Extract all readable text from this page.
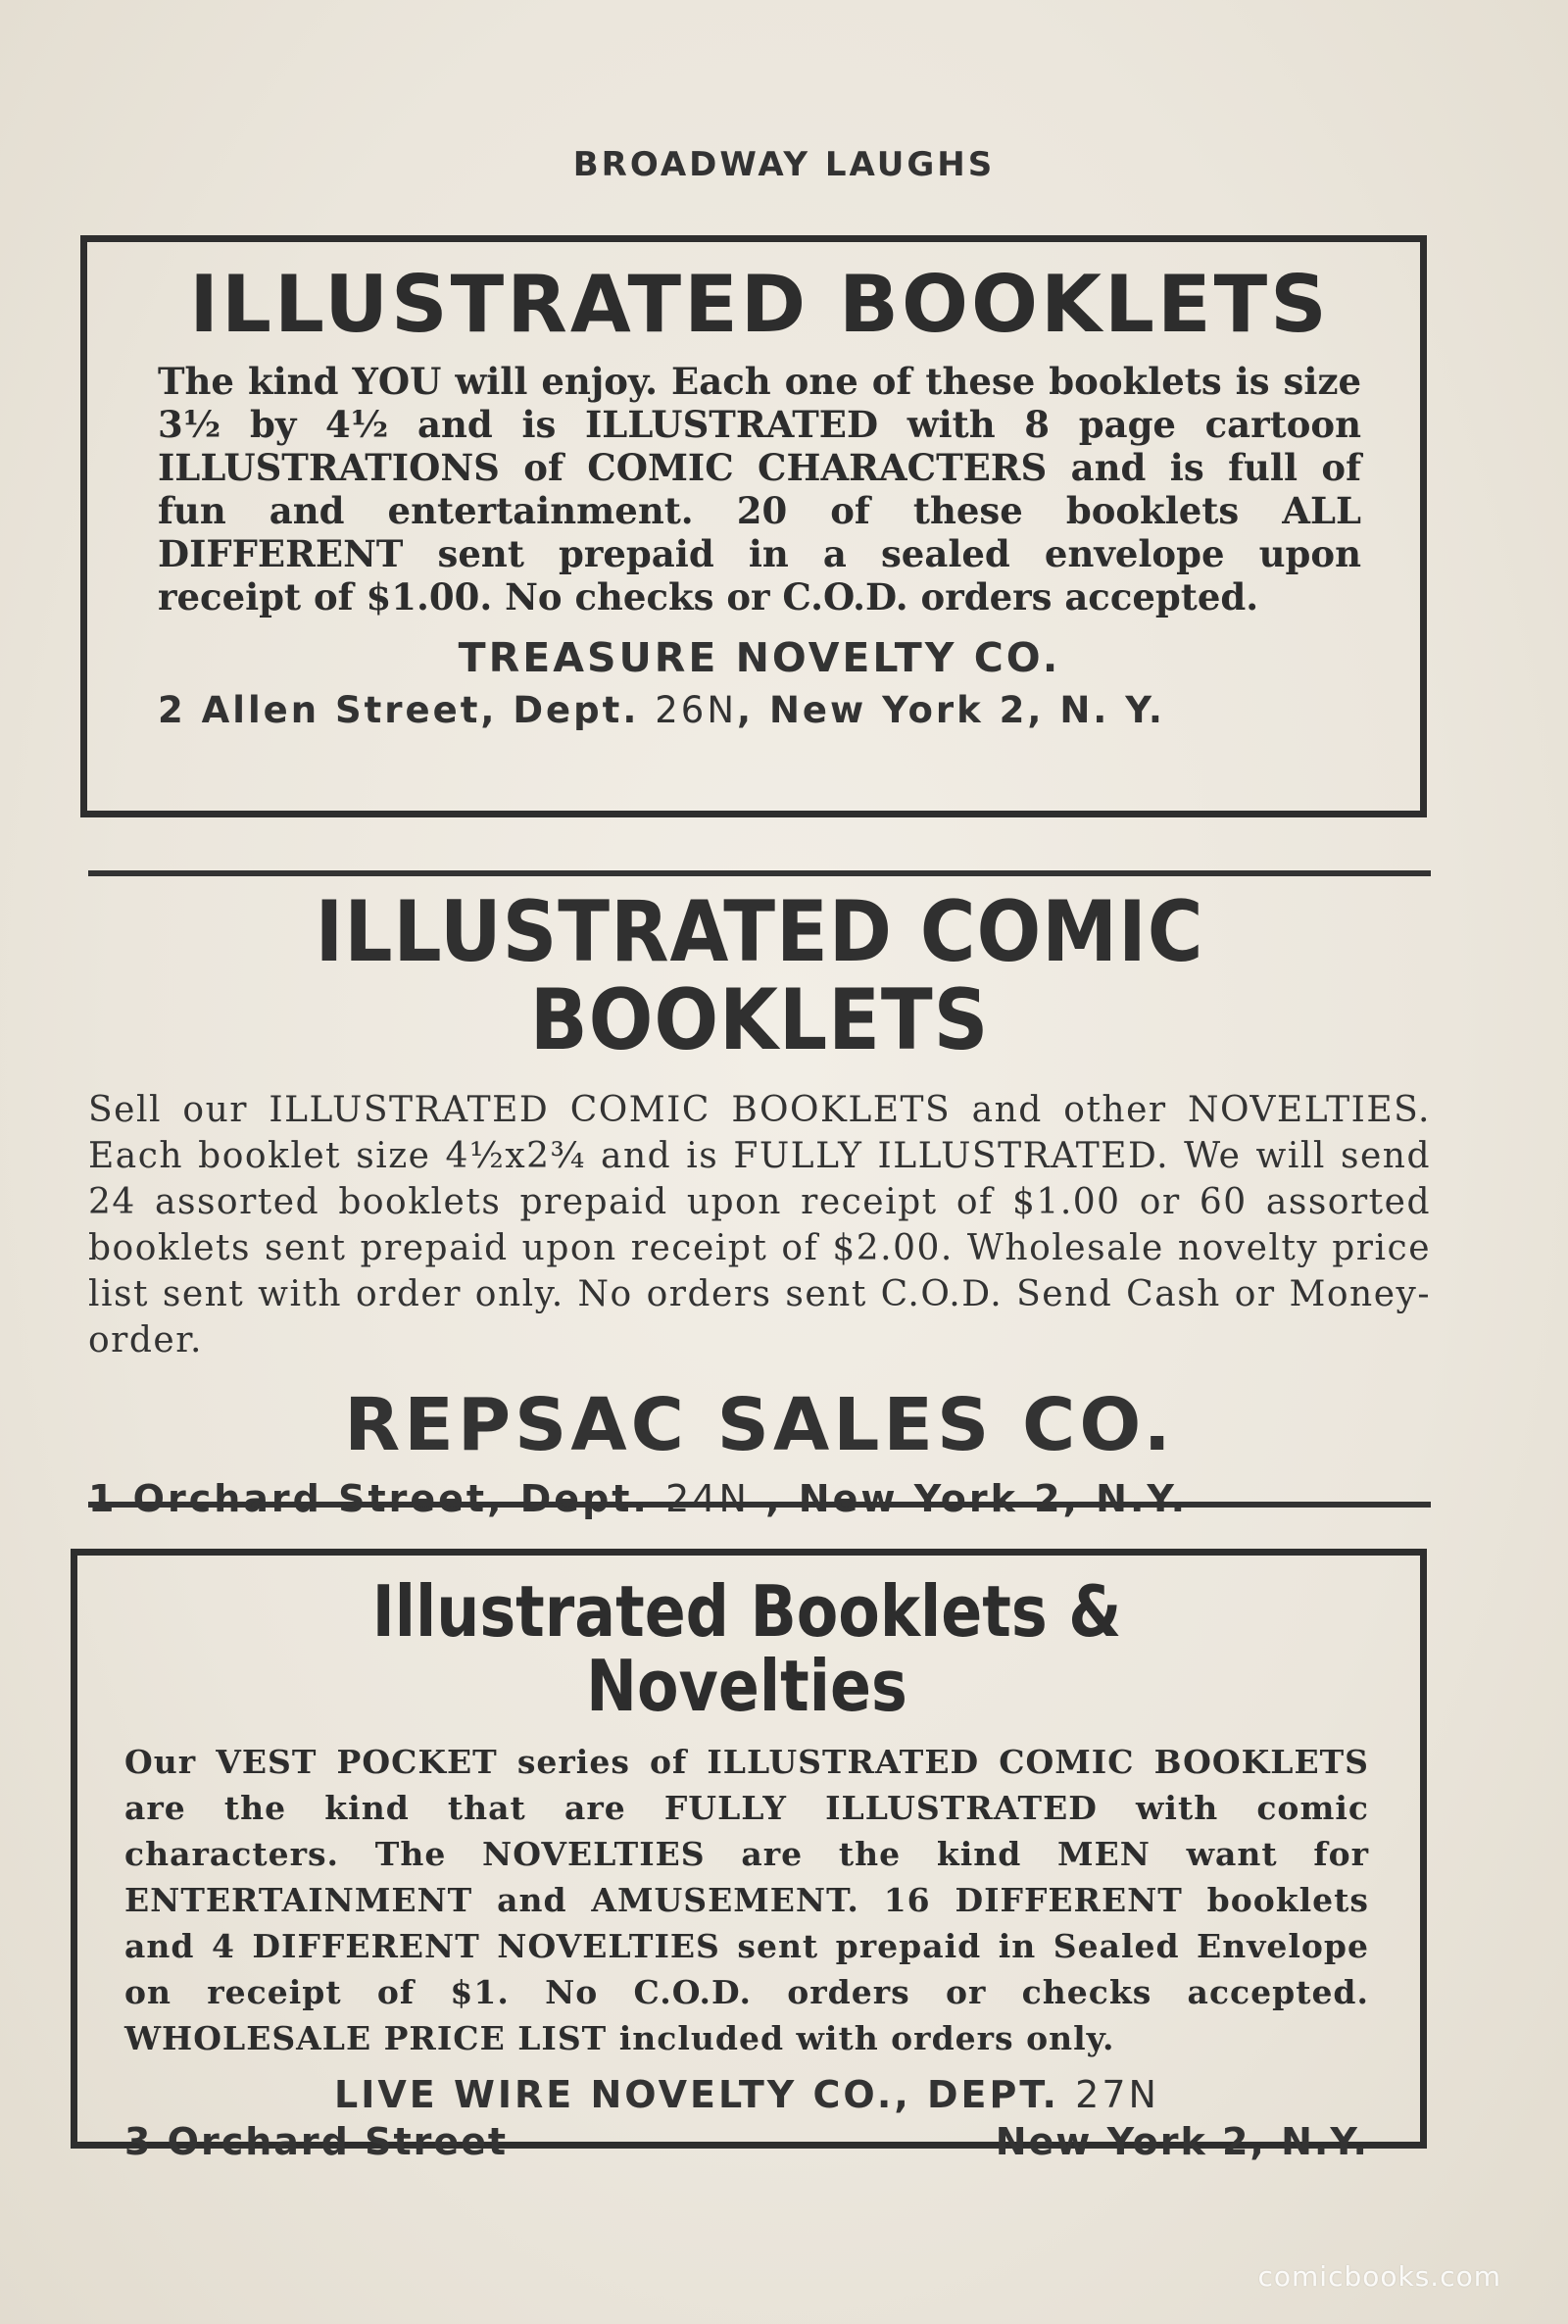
BROADWAY LAUGHS
ILLUSTRATED BOOKLETS
The kind YOU will enjoy. Each one of these booklets is size 3½ by 4½ and is ILLUSTRATED with 8 page cartoon ILLUSTRATIONS of COMIC CHARACTERS and is full of fun and entertainment. 20 of these booklets ALL DIFFERENT sent prepaid in a sealed envelope upon receipt of $1.00. No checks or C.O.D. orders accepted.
TREASURE NOVELTY CO.
2 Allen Street, Dept. 26N, New York 2, N. Y.
ILLUSTRATED COMIC BOOKLETS
Sell our ILLUSTRATED COMIC BOOKLETS and other NOVELTIES. Each booklet size 4½x2¾ and is FULLY ILLUSTRATED. We will send 24 assorted booklets prepaid upon receipt of $1.00 or 60 assorted booklets sent prepaid upon receipt of $2.00. Wholesale novelty price list sent with order only. No orders sent C.O.D. Send Cash or Money-order.
REPSAC SALES CO.
1 Orchard Street, Dept. 24N , New York 2, N.Y.
Illustrated Booklets & Novelties
Our VEST POCKET series of ILLUSTRATED COMIC BOOKLETS are the kind that are FULLY ILLUSTRATED with comic characters. The NOVELTIES are the kind MEN want for ENTERTAINMENT and AMUSEMENT. 16 DIFFERENT booklets and 4 DIFFERENT NOVELTIES sent prepaid in Sealed Envelope on receipt of $1. No C.O.D. orders or checks accepted. WHOLESALE PRICE LIST included with orders only.
LIVE WIRE NOVELTY CO., DEPT. 27N
3 Orchard Street	New York 2, N.Y.
comicbooks.com
